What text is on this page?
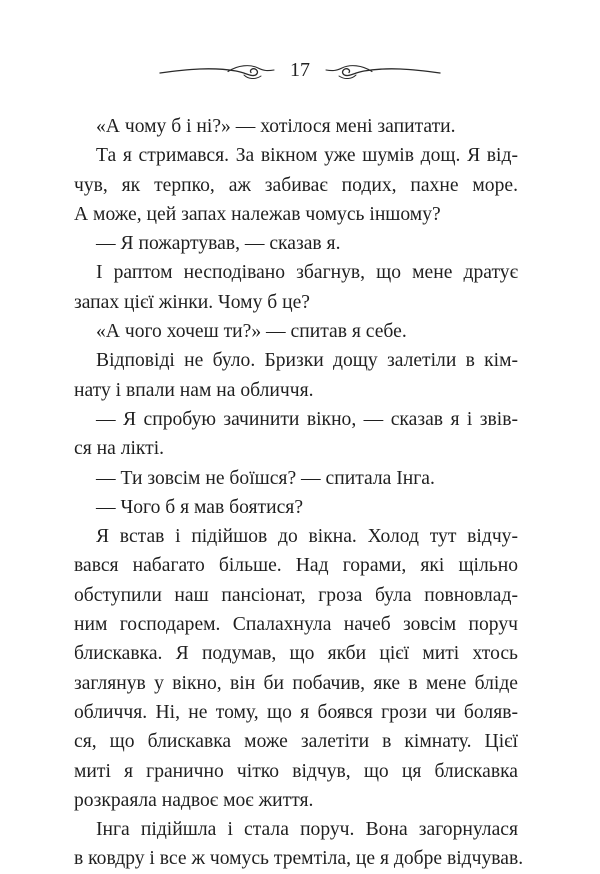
17
«А чому б і ні?» — хотілося мені запитати.
Та я стримався. За вікном уже шумів дощ. Я від-
чув, як терпко, аж забиває подих, пахне море.
А може, цей запах належав чомусь іншому?
— Я пожартував, — сказав я.
І раптом несподівано збагнув, що мене дратує
запах цієї жінки. Чому б це?
«А чого хочеш ти?» — спитав я себе.
Відповіді не було. Бризки дощу залетіли в кім-
нату і впали нам на обличчя.
— Я спробую зачинити вікно, — сказав я і звів-
ся на лікті.
— Ти зовсім не боїшся? — спитала Інга.
— Чого б я мав боятися?
Я встав і підійшов до вікна. Холод тут відчу-
вався набагато більше. Над горами, які щільно
обступили наш пансіонат, гроза була повновлад-
ним господарем. Спалахнула начеб зовсім поруч
блискавка. Я подумав, що якби цієї миті хтось
заглянув у вікно, він би побачив, яке в мене бліде
обличчя. Ні, не тому, що я боявся грози чи боляв-
ся, що блискавка може залетіти в кімнату. Цієї
миті я гранично чітко відчув, що ця блискавка
розкраяла надвоє моє життя.
Інга підійшла і стала поруч. Вона загорнулася
в ковдру і все ж чомусь тремтіла, це я добре відчував.
